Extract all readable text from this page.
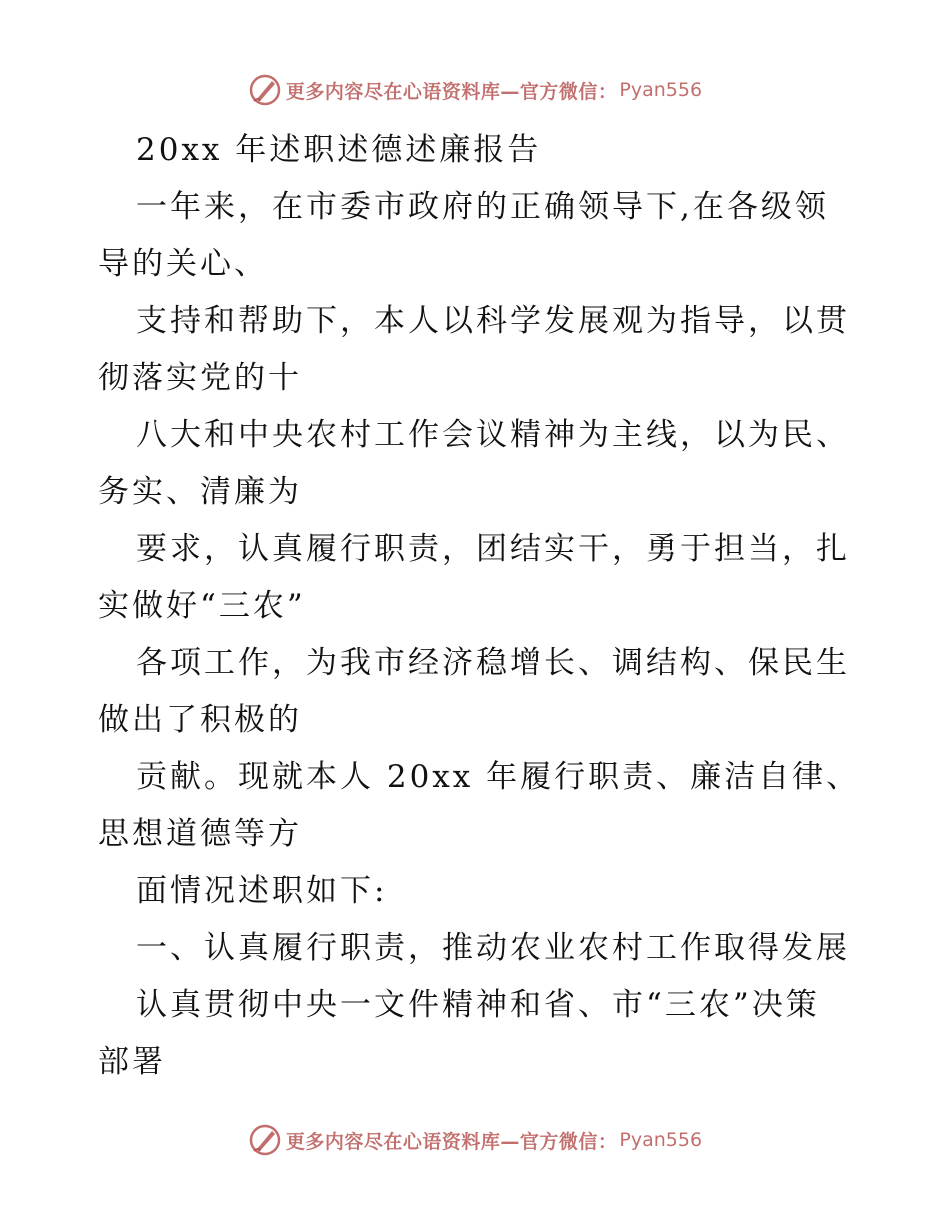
更多内容尽在心语资料库—官方微信： Pyan556
20xx 年述职述德述廉报告
一年来，在市委市政府的正确领导下,在各级领
导的关心、
支持和帮助下，本人以科学发展观为指导，以贯
彻落实党的十
八大和中央农村工作会议精神为主线，以为民、
务实、清廉为
要求，认真履行职责，团结实干，勇于担当，扎
实做好“三农”
各项工作，为我市经济稳增长、调结构、保民生
做出了积极的
贡献。现就本人 20xx 年履行职责、廉洁自律、
思想道德等方
面情况述职如下:
一、认真履行职责，推动农业农村工作取得发展
认真贯彻中央一文件精神和省、市“三农”决策
部署
更多内容尽在心语资料库—官方微信： Pyan556
